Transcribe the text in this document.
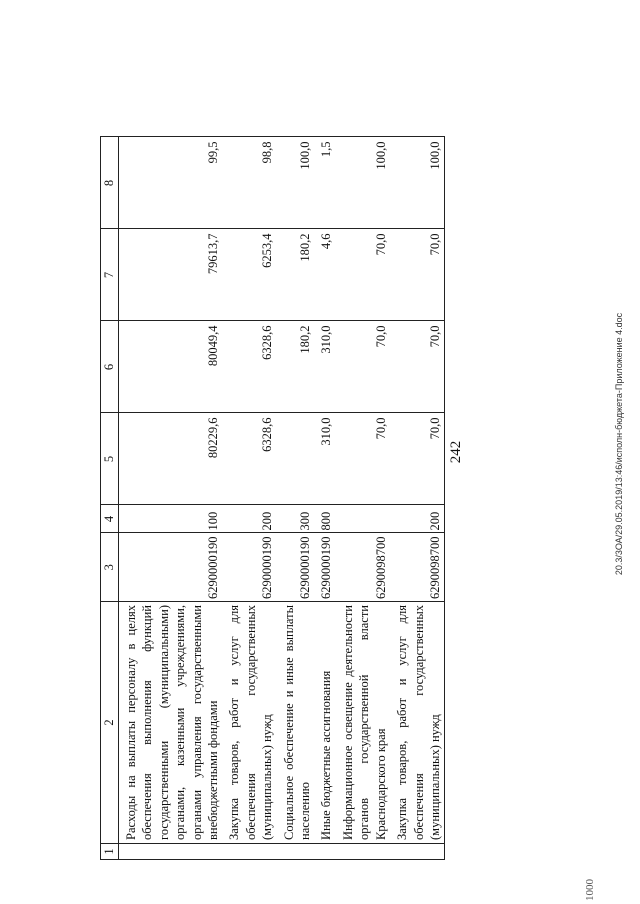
242
1	2	3	4	5	6	7	8
	Расходы на выплаты персоналу в целях обеспечения выполнения функций государственными (муниципальными) органами, казенными учреждениями, органами управления государственными внебюджетными фондами	6290000190	100	80229,6	80049,4	79613,7	99,5
	Закупка товаров, работ и услуг для обеспечения государственных (муниципальных) нужд	6290000190	200	6328,6	6328,6	6253,4	98,8
	Социальное обеспечение и иные выплаты населению	6290000190	300		180,2	180,2	100,0
	Иные бюджетные ассигнования	6290000190	800	310,0	310,0	4,6	1,5
	Информационное освещение деятельности органов государственной власти Краснодарского края	6290098700		70,0	70,0	70,0	100,0
	Закупка товаров, работ и услуг для обеспечения государственных (муниципальных) нужд	6290098700	200	70,0	70,0	70,0	100,0
20.3/3ОА/29.05.2019/13:46/исполн-бюджета-Приложение 4.doc
1000
